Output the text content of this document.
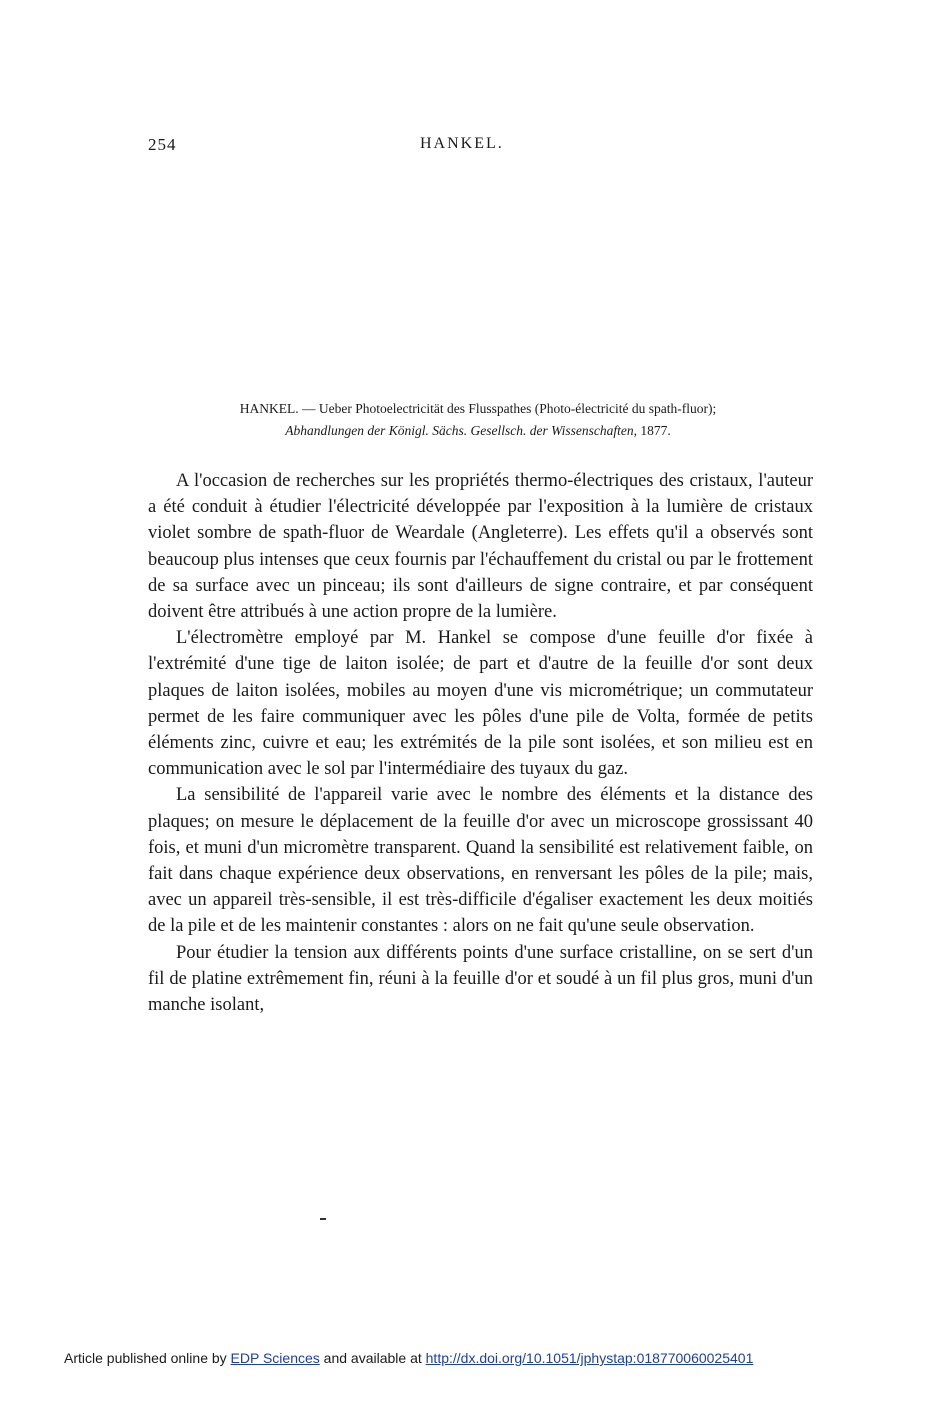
254	HANKEL.
HANKEL. — Ueber Photoelectricität des Flusspathes (Photo-électricité du spath-fluor);
Abhandlungen der Königl. Sächs. Gesellsch. der Wissenschaften, 1877.

A l'occasion de recherches sur les propriétés thermo-électriques des cristaux, l'auteur a été conduit à étudier l'électricité développée par l'exposition à la lumière de cristaux violet sombre de spath-fluor de Weardale (Angleterre). Les effets qu'il a observés sont beaucoup plus intenses que ceux fournis par l'échauffement du cristal ou par le frottement de sa surface avec un pinceau; ils sont d'ailleurs de signe contraire, et par conséquent doivent être attribués à une action propre de la lumière.

L'électromètre employé par M. Hankel se compose d'une feuille d'or fixée à l'extrémité d'une tige de laiton isolée; de part et d'autre de la feuille d'or sont deux plaques de laiton isolées, mobiles au moyen d'une vis micrométrique; un commutateur permet de les faire communiquer avec les pôles d'une pile de Volta, formée de petits éléments zinc, cuivre et eau; les extrémités de la pile sont isolées, et son milieu est en communication avec le sol par l'intermédiaire des tuyaux du gaz.

La sensibilité de l'appareil varie avec le nombre des éléments et la distance des plaques; on mesure le déplacement de la feuille d'or avec un microscope grossissant 40 fois, et muni d'un micromètre transparent. Quand la sensibilité est relativement faible, on fait dans chaque expérience deux observations, en renversant les pôles de la pile; mais, avec un appareil très-sensible, il est très-difficile d'égaliser exactement les deux moitiés de la pile et de les maintenir constantes : alors on ne fait qu'une seule observation.

Pour étudier la tension aux différents points d'une surface cristalline, on se sert d'un fil de platine extrêmement fin, réuni à la feuille d'or et soudé à un fil plus gros, muni d'un manche isolant,

Article published online by EDP Sciences and available at http://dx.doi.org/10.1051/jphystap:018770060025401
